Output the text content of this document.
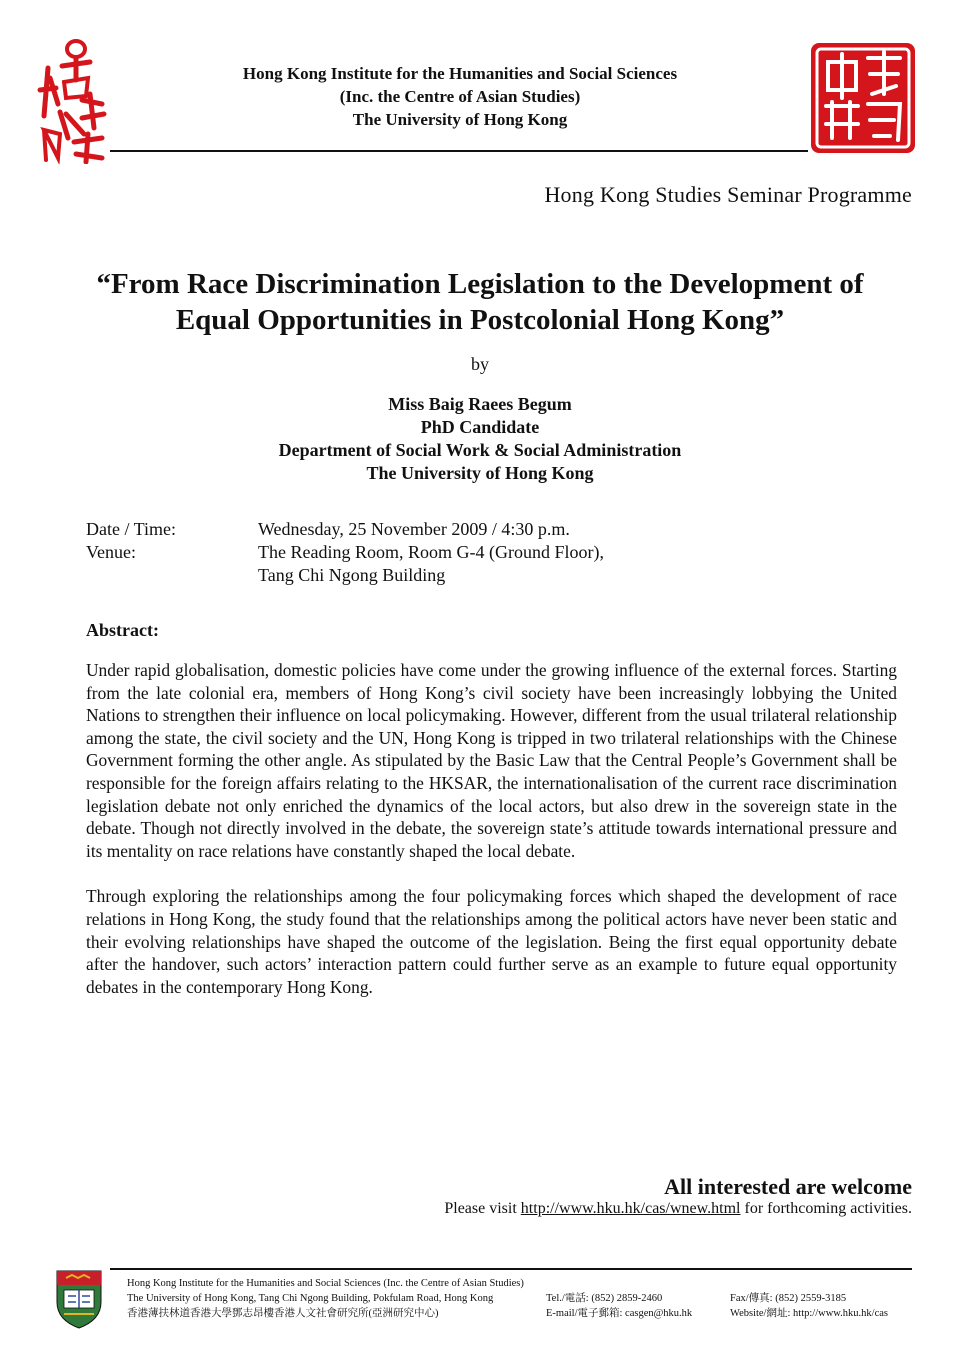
Hong Kong Institute for the Humanities and Social Sciences
(Inc. the Centre of Asian Studies)
The University of Hong Kong
Hong Kong Studies Seminar Programme
“From Race Discrimination Legislation to the Development of
Equal Opportunities in Postcolonial Hong Kong”
by
Miss Baig Raees Begum
PhD Candidate
Department of Social Work & Social Administration
The University of Hong Kong
Date / Time:	Wednesday, 25 November 2009 / 4:30 p.m.
Venue:	The Reading Room, Room G-4 (Ground Floor),
Tang Chi Ngong Building
Abstract:

Under rapid globalisation, domestic policies have come under the growing influence of the external forces. Starting from the late colonial era, members of Hong Kong’s civil society have been increasingly lobbying the United Nations to strengthen their influence on local policymaking. However, different from the usual trilateral relationship among the state, the civil society and the UN, Hong Kong is tripped in two trilateral relationships with the Chinese Government forming the other angle. As stipulated by the Basic Law that the Central People’s Government shall be responsible for the foreign affairs relating to the HKSAR, the internationalisation of the current race discrimination legislation debate not only enriched the dynamics of the local actors, but also drew in the sovereign state in the debate. Though not directly involved in the debate, the sovereign state’s attitude towards international pressure and its mentality on race relations have constantly shaped the local debate.

Through exploring the relationships among the four policymaking forces which shaped the development of race relations in Hong Kong, the study found that the relationships among the political actors have never been static and their evolving relationships have shaped the outcome of the legislation. Being the first equal opportunity debate after the handover, such actors’ interaction pattern could further serve as an example to future equal opportunity debates in the contemporary Hong Kong.

All interested are welcome
Please visit http://www.hku.hk/cas/wnew.html for forthcoming activities.
Hong Kong Institute for the Humanities and Social Sciences (Inc. the Centre of Asian Studies)
The University of Hong Kong, Tang Chi Ngong Building, Pokfulam Road, Hong Kong
香港薄扶林道香港大學鄧志昂樓香港人文社會研究所(亞洲研究中心)
Tel./電話: (852) 2859-2460
E-mail/電子郵箱: casgen@hku.hk
Fax/傳真: (852) 2559-3185
Website/網址: http://www.hku.hk/cas
